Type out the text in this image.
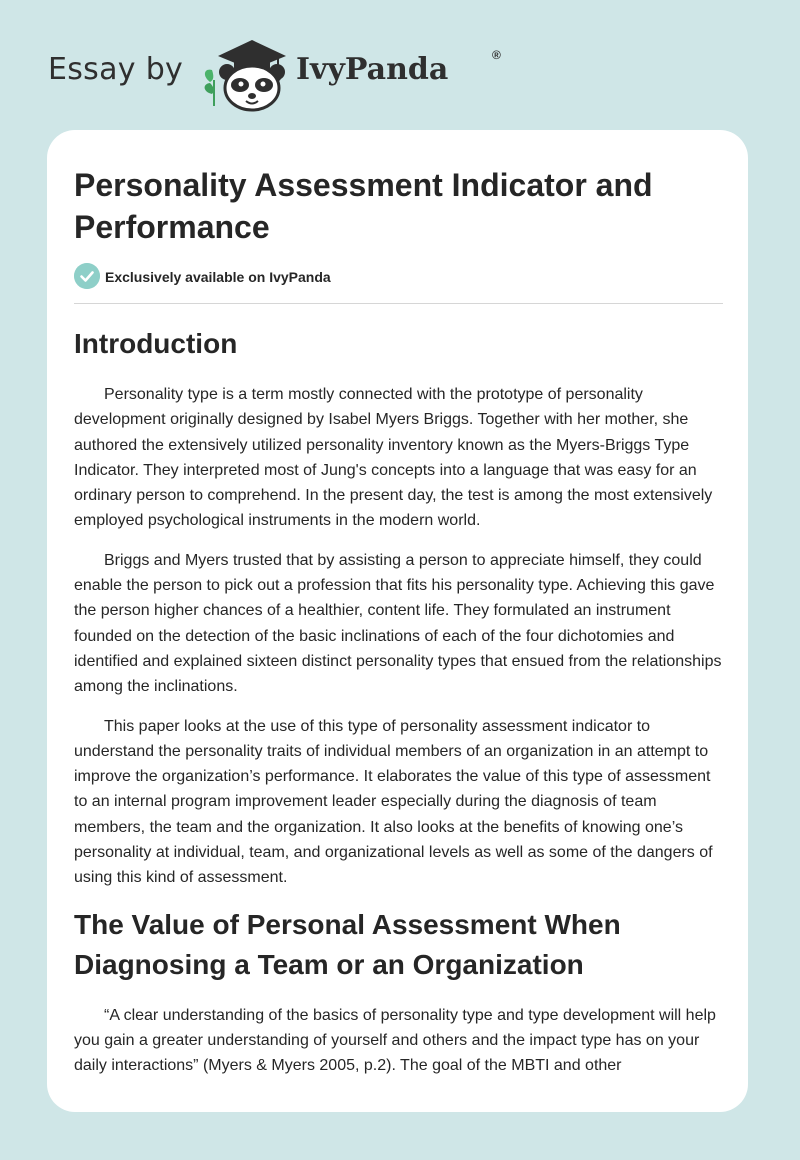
Essay by	IvyPanda	®
Personality Assessment Indicator and Performance
Exclusively available on IvyPanda
Introduction

Personality type is a term mostly connected with the prototype of personality development originally designed by Isabel Myers Briggs. Together with her mother, she authored the extensively utilized personality inventory known as the Myers-Briggs Type Indicator. They interpreted most of Jung's concepts into a language that was easy for an ordinary person to comprehend. In the present day, the test is among the most extensively employed psychological instruments in the modern world.

Briggs and Myers trusted that by assisting a person to appreciate himself, they could enable the person to pick out a profession that fits his personality type. Achieving this gave the person higher chances of a healthier, content life. They formulated an instrument founded on the detection of the basic inclinations of each of the four dichotomies and identified and explained sixteen distinct personality types that ensued from the relationships among the inclinations.

This paper looks at the use of this type of personality assessment indicator to understand the personality traits of individual members of an organization in an attempt to improve the organization’s performance. It elaborates the value of this type of assessment to an internal program improvement leader especially during the diagnosis of team members, the team and the organization. It also looks at the benefits of knowing one’s personality at individual, team, and organizational levels as well as some of the dangers of using this kind of assessment.

The Value of Personal Assessment When Diagnosing a Team or an Organization

“A clear understanding of the basics of personality type and type development will help you gain a greater understanding of yourself and others and the impact type has on your daily interactions” (Myers & Myers 2005, p.2). The goal of the MBTI and other
